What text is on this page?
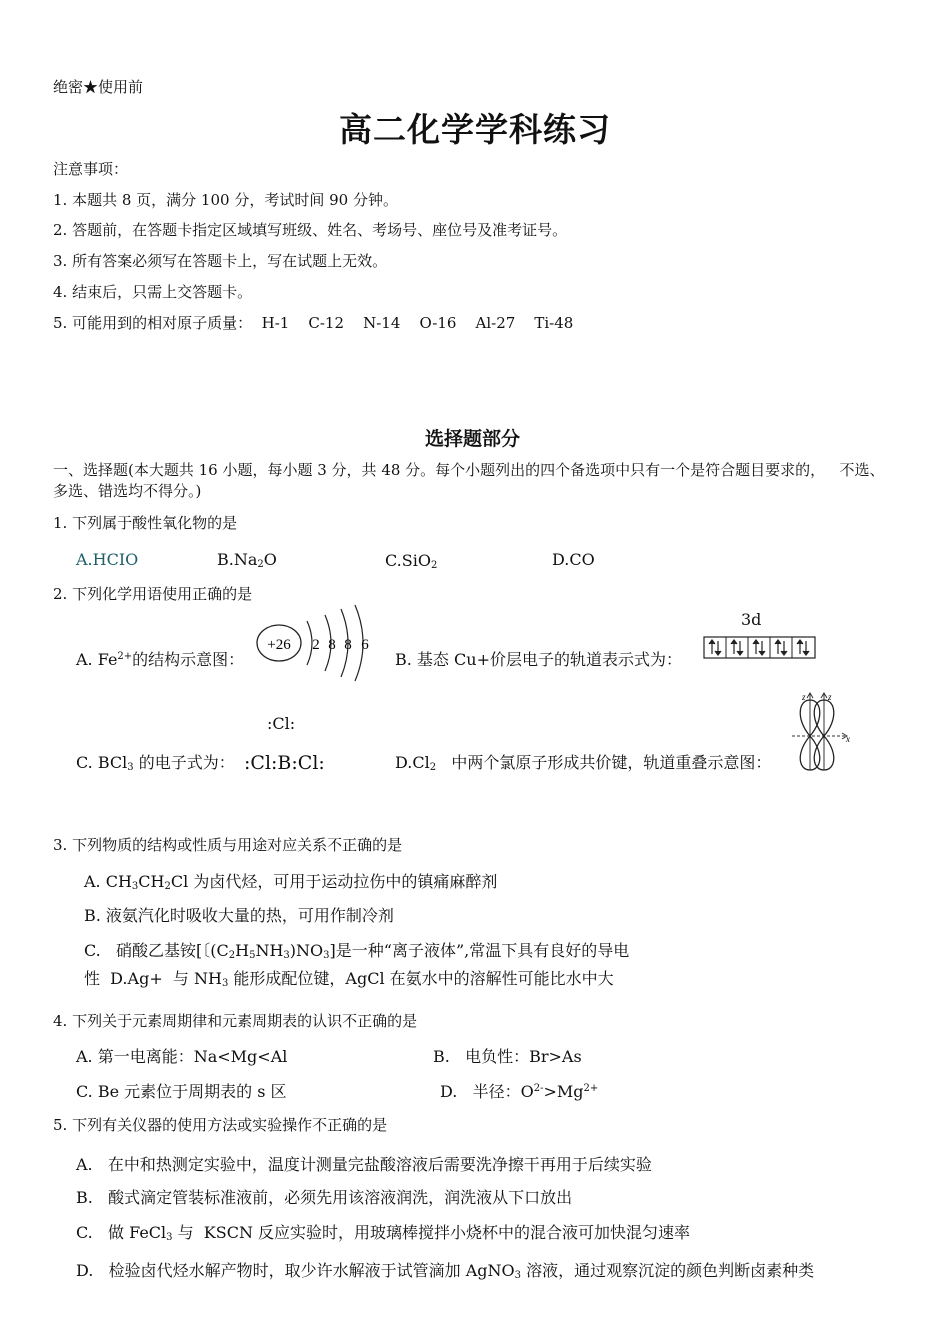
绝密★使用前
高二化学学科练习
注意事项：
1. 本题共 8 页，满分 100 分，考试时间 90 分钟。
2. 答题前，在答题卡指定区域填写班级、姓名、考场号、座位号及准考证号。
3. 所有答案必须写在答题卡上，写在试题上无效。
4. 结束后，只需上交答题卡。
5. 可能用到的相对原子质量：  H-1    C-12    N-14    O-16    Al-27    Ti-48
选择题部分
一、选择题(本大题共 16 小题，每小题 3 分，共 48 分。每个小题列出的四个备选项中只有一个是符合题目要求的，   不选、多选、错选均不得分。)
1. 下列属于酸性氧化物的是
A.HCIO	$B.Na_2O$	C.SiO$_2$	D.CO
2. 下列化学用语使用正确的是
A. $Fe^{2+}$的结构示意图：
+26 2 8 8 6
B. 基态 Cu+价层电子的轨道表示式为：
3d
:Cl:
C. BCl$_3$ 的电子式为： :Cl:B:Cl:	$D.Cl_2$   中两个氯原子形成共价键，轨道重叠示意图：
x
z z
3. 下列物质的结构或性质与用途对应关系不正确的是
A. $CH_3CH_2Cl$ 为卤代烃，可用于运动拉伤中的镇痛麻醉剂
B. 液氨汽化时吸收大量的热，可用作制冷剂
C.   硝酸乙基铵[〔$(C_2H_5NH_3)NO_3$]是一种“离子液体”,常温下具有良好的导电
性  D.Ag+  与 $NH_3$ 能形成配位键，AgCl 在氨水中的溶解性可能比水中大
4. 下列关于元素周期律和元素周期表的认识不正确的是
A. 第一电离能：Na<Mg<Al	B.   电负性：Br>As
C. Be 元素位于周期表的 s 区	D.   半径：$O^{2-}>Mg^{2+}$
5. 下列有关仪器的使用方法或实验操作不正确的是
A.   在中和热测定实验中，温度计测量完盐酸溶液后需要洗净擦干再用于后续实验
B.   酸式滴定管装标准液前，必须先用该溶液润洗，润洗液从下口放出
C.   做 FeCl$_3$ 与  KSCN 反应实验时，用玻璃棒搅拌小烧杯中的混合液可加快混匀速率
D.   检验卤代烃水解产物时，取少许水解液于试管滴加 AgNO$_3$ 溶液，通过观察沉淀的颜色判断卤素种类
